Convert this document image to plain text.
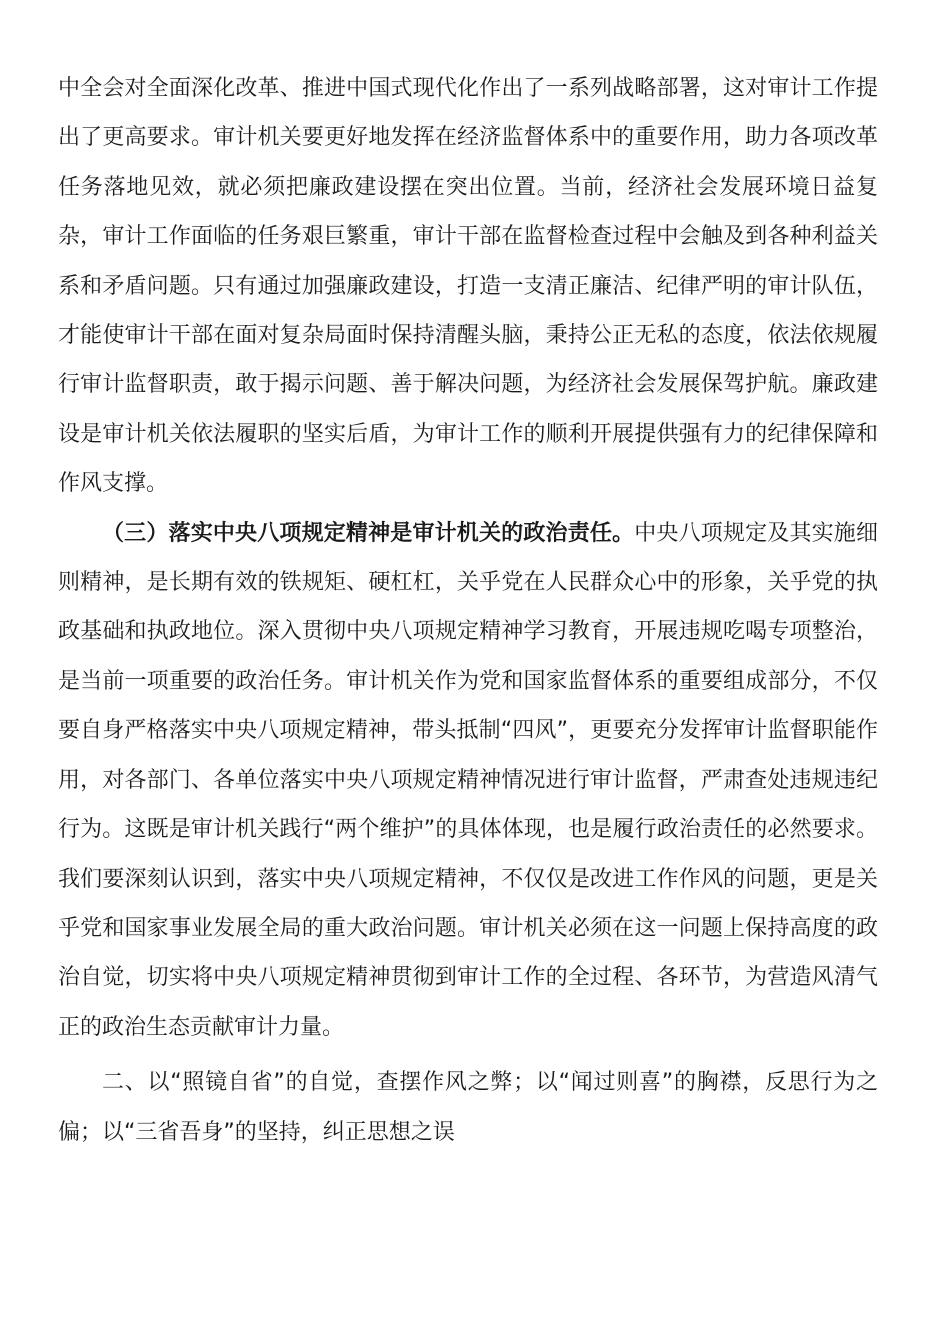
中全会对全面深化改革、推进中国式现代化作出了一系列战略部署，这对审计工作提出了更高要求。审计机关要更好地发挥在经济监督体系中的重要作用，助力各项改革任务落地见效，就必须把廉政建设摆在突出位置。当前，经济社会发展环境日益复杂，审计工作面临的任务艰巨繁重，审计干部在监督检查过程中会触及到各种利益关系和矛盾问题。只有通过加强廉政建设，打造一支清正廉洁、纪律严明的审计队伍，才能使审计干部在面对复杂局面时保持清醒头脑，秉持公正无私的态度，依法依规履行审计监督职责，敢于揭示问题、善于解决问题，为经济社会发展保驾护航。廉政建设是审计机关依法履职的坚实后盾，为审计工作的顺利开展提供强有力的纪律保障和作风支撑。

（三）落实中央八项规定精神是审计机关的政治责任。中央八项规定及其实施细则精神，是长期有效的铁规矩、硬杠杠，关乎党在人民群众心中的形象，关乎党的执政基础和执政地位。深入贯彻中央八项规定精神学习教育，开展违规吃喝专项整治，是当前一项重要的政治任务。审计机关作为党和国家监督体系的重要组成部分，不仅要自身严格落实中央八项规定精神，带头抵制“四风”，更要充分发挥审计监督职能作用，对各部门、各单位落实中央八项规定精神情况进行审计监督，严肃查处违规违纪行为。这既是审计机关践行“两个维护”的具体体现，也是履行政治责任的必然要求。我们要深刻认识到，落实中央八项规定精神，不仅仅是改进工作作风的问题，更是关乎党和国家事业发展全局的重大政治问题。审计机关必须在这一问题上保持高度的政治自觉，切实将中央八项规定精神贯彻到审计工作的全过程、各环节，为营造风清气正的政治生态贡献审计力量。

二、以“照镜自省”的自觉，查摆作风之弊；以“闻过则喜”的胸襟，反思行为之偏；以“三省吾身”的坚持，纠正思想之误
